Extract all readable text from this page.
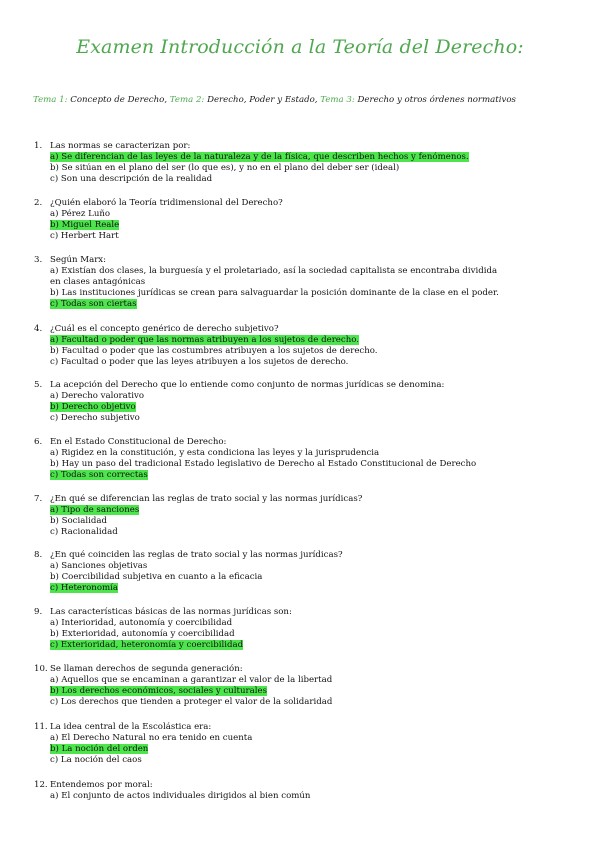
Examen Introducción a la Teoría del Derecho:
Tema 1: Concepto de Derecho, Tema 2: Derecho, Poder y Estado, Tema 3: Derecho y otros órdenes normativos
1. Las normas se caracterizan por:
a) Se diferencian de las leyes de la naturaleza y de la física, que describen hechos y fenómenos.
b) Se sitúan en el plano del ser (lo que es), y no en el plano del deber ser (ideal)
c) Son una descripción de la realidad
2. ¿Quién elaboró la Teoría tridimensional del Derecho?
a) Pérez Luño
b) Miguel Reale
c) Herbert Hart
3. Según Marx:
a) Existían dos clases, la burguesía y el proletariado, así la sociedad capitalista se encontraba dividida
en clases antagónicas
b) Las instituciones jurídicas se crean para salvaguardar la posición dominante de la clase en el poder.
c) Todas son ciertas
4. ¿Cuál es el concepto genérico de derecho subjetivo?
a) Facultad o poder que las normas atribuyen a los sujetos de derecho.
b) Facultad o poder que las costumbres atribuyen a los sujetos de derecho.
c) Facultad o poder que las leyes atribuyen a los sujetos de derecho.
5. La acepción del Derecho que lo entiende como conjunto de normas jurídicas se denomina:
a) Derecho valorativo
b) Derecho objetivo
c) Derecho subjetivo
6. En el Estado Constitucional de Derecho:
a) Rigidez en la constitución, y esta condiciona las leyes y la jurisprudencia
b) Hay un paso del tradicional Estado legislativo de Derecho al Estado Constitucional de Derecho
c) Todas son correctas
7. ¿En qué se diferencian las reglas de trato social y las normas jurídicas?
a) Tipo de sanciones
b) Socialidad
c) Racionalidad
8. ¿En qué coinciden las reglas de trato social y las normas jurídicas?
a) Sanciones objetivas
b) Coercibilidad subjetiva en cuanto a la eficacia
c) Heteronomía
9. Las características básicas de las normas jurídicas son:
a) Interioridad, autonomía y coercibilidad
b) Exterioridad, autonomía y coercibilidad
c) Exterioridad, heteronomía y coercibilidad
10. Se llaman derechos de segunda generación:
a) Aquellos que se encaminan a garantizar el valor de la libertad
b) Los derechos económicos, sociales y culturales
c) Los derechos que tienden a proteger el valor de la solidaridad
11. La idea central de la Escolástica era:
a) El Derecho Natural no era tenido en cuenta
b) La noción del orden
c) La noción del caos
12. Entendemos por moral:
a) El conjunto de actos individuales dirigidos al bien común
